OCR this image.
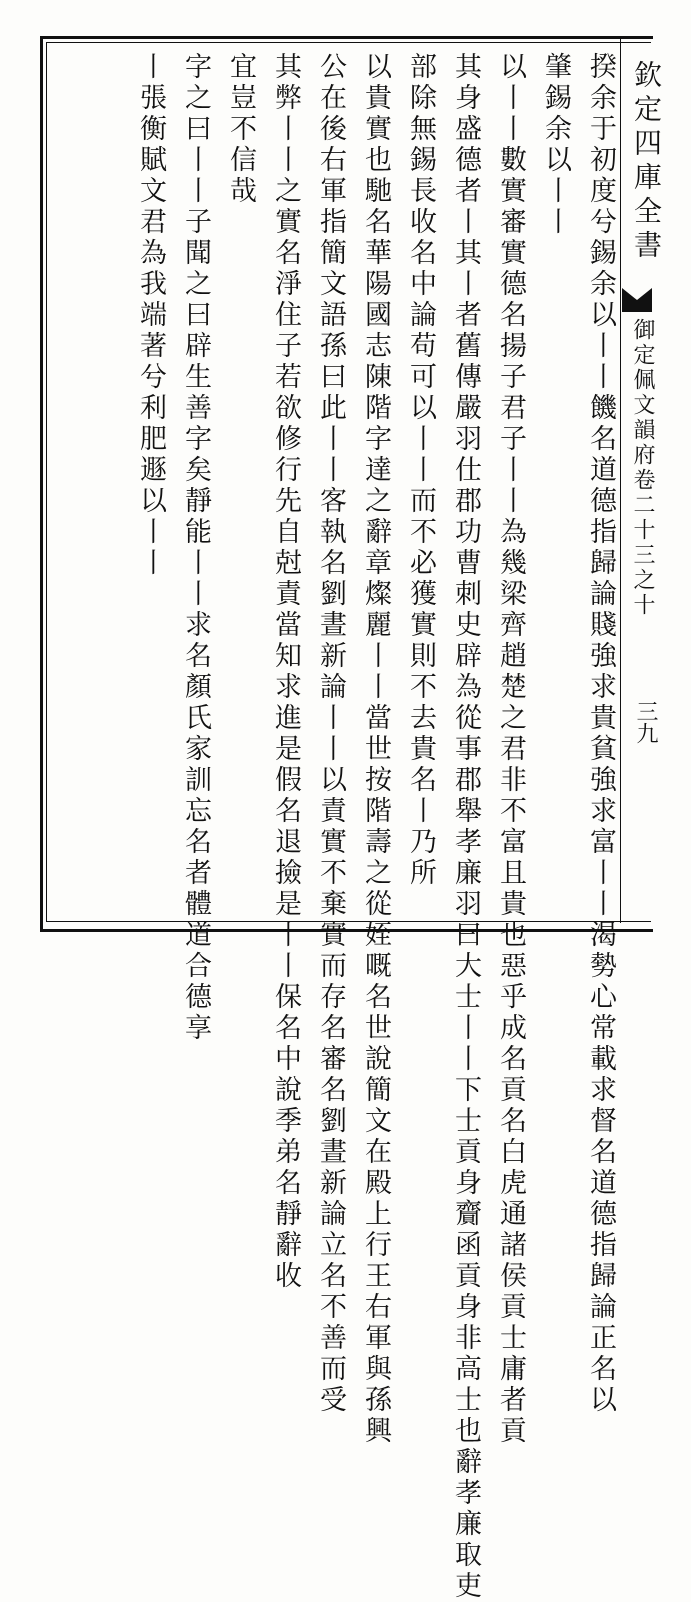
欽定四庫全書
御定佩文韻府卷二十三之十
三九
揆余于初度兮錫余以丨丨饑名道德指歸論賤強求貴貧強求富丨丨渴勢心常載求督名道德指歸論正名以
肇錫余以丨丨
以丨丨數實審實德名揚子君子丨丨為幾梁齊趙楚之君非不富且貴也惡乎成名貢名白虎通諸侯貢士庸者貢
其身盛德者丨其丨者舊傳嚴羽仕郡功曹刺史辟為從事郡舉孝廉羽曰大士丨丨下士貢身齎函貢身非高士也辭孝廉取吏
部除無錫長收名中論苟可以丨丨而不必獲實則不去貴名丨乃所
以貴實也馳名華陽國志陳階字達之辭章燦麗丨丨當世按階壽之從姪嘅名世說簡文在殿上行王右軍與孫興
公在後右軍指簡文語孫曰此丨丨客執名劉晝新論丨丨以責實不棄實而存名審名劉晝新論立名不善而受
其弊丨丨之實名淨住子若欲修行先自尅責當知求進是假名退撿是丨丨保名中說季弟名靜辭收
宜豈不信哉
字之曰丨丨子聞之曰辟生善字矣靜能丨丨求名顏氏家訓忘名者體道合德享
丨張衡賦文君為我端著兮利肥遯以丨丨
